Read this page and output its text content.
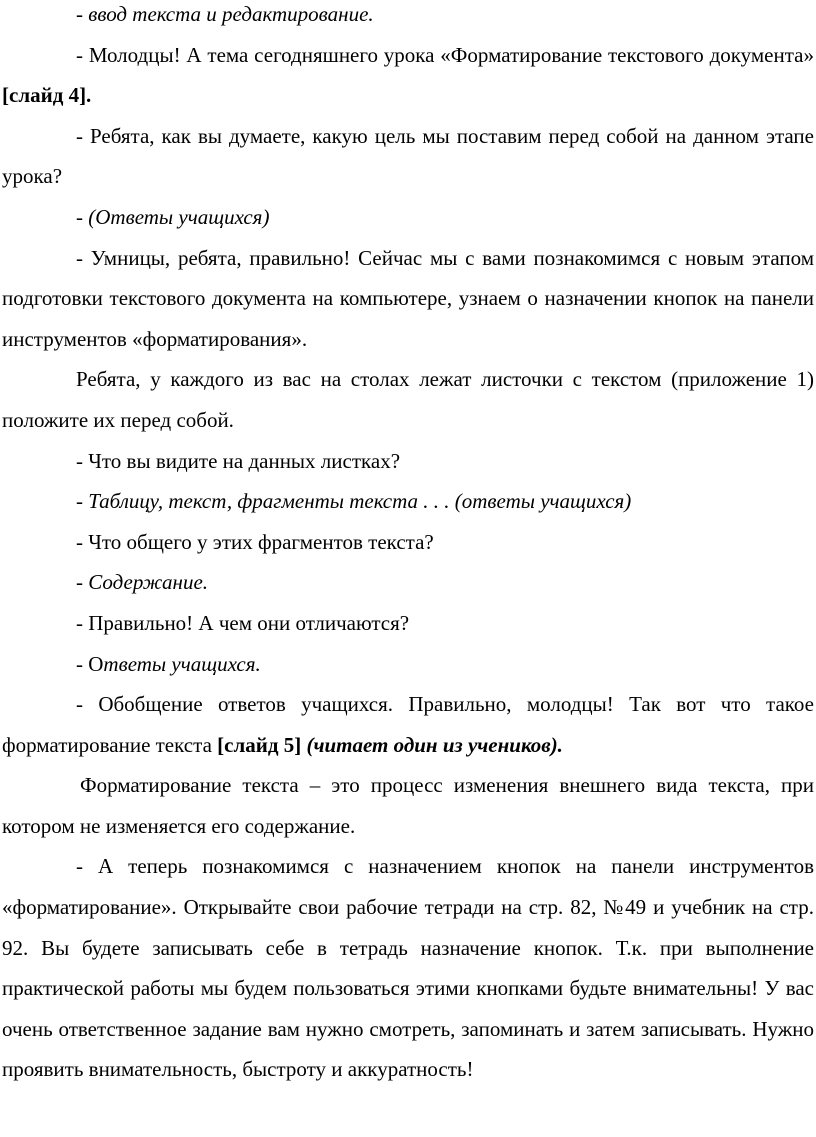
- ввод текста и редактирование.

- Молодцы! А тема сегодняшнего урока «Форматирование текстового документа» [слайд 4].

- Ребята, как вы думаете, какую цель мы поставим перед собой на данном этапе урока?

- (Ответы учащихся)

- Умницы, ребята, правильно! Сейчас мы с вами познакомимся с новым этапом подготовки текстового документа на компьютере, узнаем о назначении кнопок на панели инструментов «форматирования».

Ребята, у каждого из вас на столах лежат листочки с текстом (приложение 1) положите их перед собой.

- Что вы видите на данных листках?

- Таблицу, текст, фрагменты текста . . . (ответы учащихся)

- Что общего у этих фрагментов текста?

- Содержание.

- Правильно! А чем они отличаются?

- Ответы учащихся.

- Обобщение ответов учащихся. Правильно, молодцы! Так вот что такое форматирование текста [слайд 5] (читает один из учеников).

Форматирование текста – это процесс изменения внешнего вида текста, при котором не изменяется его содержание.

- А теперь познакомимся с назначением кнопок на панели инструментов «форматирование». Открывайте свои рабочие тетради на стр. 82, №49 и учебник на стр. 92. Вы будете записывать себе в тетрадь назначение кнопок. Т.к. при выполнение практической работы мы будем пользоваться этими кнопками будьте внимательны! У вас очень ответственное задание вам нужно смотреть, запоминать и затем записывать. Нужно проявить внимательность, быстроту и аккуратность!
